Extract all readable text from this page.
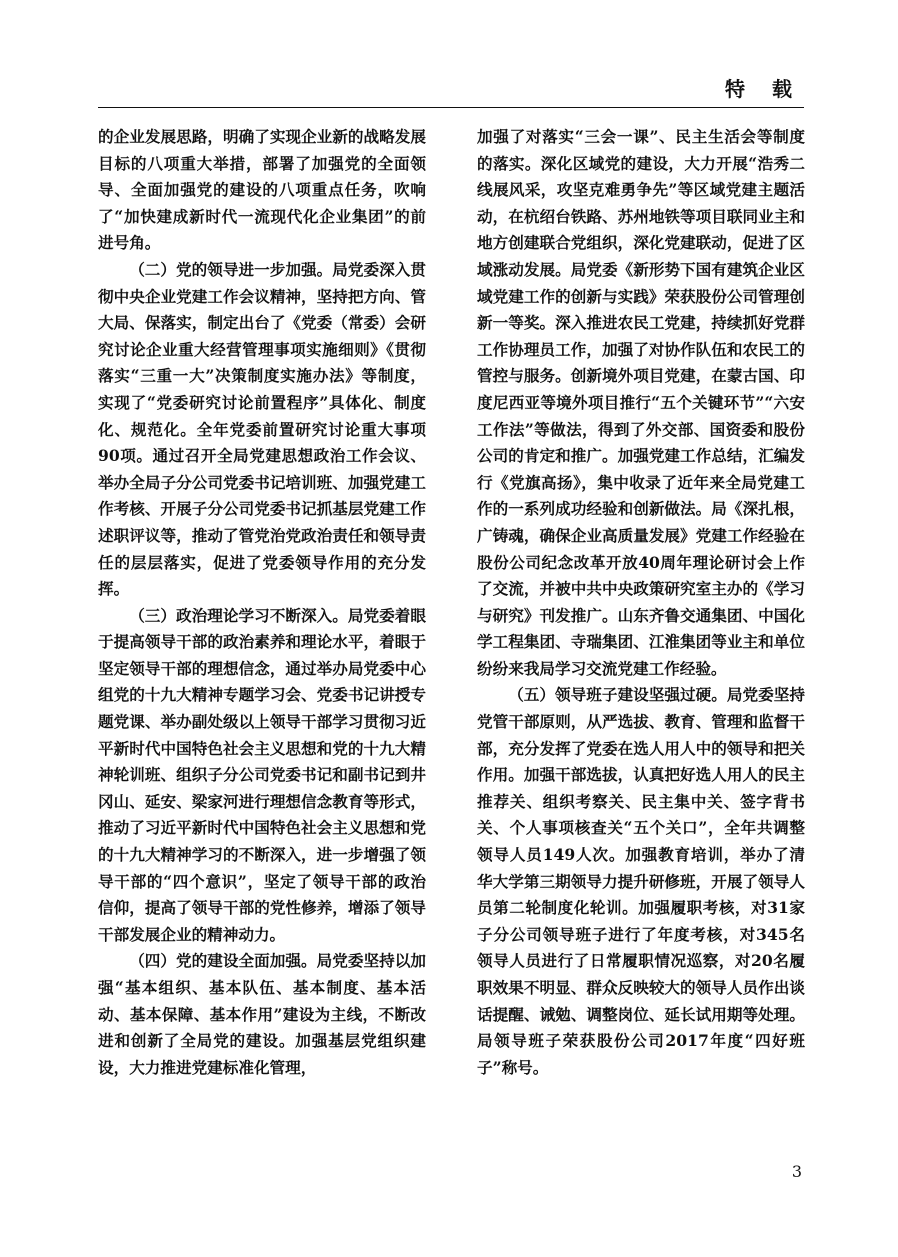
特 载

的企业发展思路，明确了实现企业新的战略发展目标的八项重大举措，部署了加强党的全面领导、全面加强党的建设的八项重点任务，吹响了“加快建成新时代一流现代化企业集团”的前进号角。

（二）党的领导进一步加强。局党委深入贯彻中央企业党建工作会议精神，坚持把方向、管大局、保落实，制定出台了《党委（常委）会研究讨论企业重大经营管理事项实施细则》《贯彻落实“三重一大”决策制度实施办法》等制度，实现了“党委研究讨论前置程序”具体化、制度化、规范化。全年党委前置研究讨论重大事项90项。通过召开全局党建思想政治工作会议、举办全局子分公司党委书记培训班、加强党建工作考核、开展子分公司党委书记抓基层党建工作述职评议等，推动了管党治党政治责任和领导责任的层层落实，促进了党委领导作用的充分发挥。

（三）政治理论学习不断深入。局党委着眼于提高领导干部的政治素养和理论水平，着眼于坚定领导干部的理想信念，通过举办局党委中心组党的十九大精神专题学习会、党委书记讲授专题党课、举办副处级以上领导干部学习贯彻习近平新时代中国特色社会主义思想和党的十九大精神轮训班、组织子分公司党委书记和副书记到井冈山、延安、梁家河进行理想信念教育等形式，推动了习近平新时代中国特色社会主义思想和党的十九大精神学习的不断深入，进一步增强了领导干部的“四个意识”，坚定了领导干部的政治信仰，提高了领导干部的党性修养，增添了领导干部发展企业的精神动力。

（四）党的建设全面加强。局党委坚持以加强“基本组织、基本队伍、基本制度、基本活动、基本保障、基本作用”建设为主线，不断改进和创新了全局党的建设。加强基层党组织建设，大力推进党建标准化管理，

加强了对落实“三会一课”、民主生活会等制度的落实。深化区域党的建设，大力开展“浩秀二线展风采，攻坚克难勇争先”等区域党建主题活动，在杭绍台铁路、苏州地铁等项目联同业主和地方创建联合党组织，深化党建联动，促进了区域涨动发展。局党委《新形势下国有建筑企业区域党建工作的创新与实践》荣获股份公司管理创新一等奖。深入推进农民工党建，持续抓好党群工作协理员工作，加强了对协作队伍和农民工的管控与服务。创新境外项目党建，在蒙古国、印度尼西亚等境外项目推行“五个关键环节”“六安工作法”等做法，得到了外交部、国资委和股份公司的肯定和推广。加强党建工作总结，汇编发行《党旗高扬》，集中收录了近年来全局党建工作的一系列成功经验和创新做法。局《深扎根，广铸魂，确保企业高质量发展》党建工作经验在股份公司纪念改革开放40周年理论研讨会上作了交流，并被中共中央政策研究室主办的《学习与研究》刊发推广。山东齐鲁交通集团、中国化学工程集团、寺瑞集团、江淮集团等业主和单位纷纷来我局学习交流党建工作经验。

（五）领导班子建设坚强过硬。局党委坚持党管干部原则，从严选拔、教育、管理和监督干部，充分发挥了党委在选人用人中的领导和把关作用。加强干部选拔，认真把好选人用人的民主推荐关、组织考察关、民主集中关、签字背书关、个人事项核查关“五个关口”，全年共调整领导人员149人次。加强教育培训，举办了清华大学第三期领导力提升研修班，开展了领导人员第二轮制度化轮训。加强履职考核，对31家子分公司领导班子进行了年度考核，对345名领导人员进行了日常履职情况巡察，对20名履职效果不明显、群众反映较大的领导人员作出谈话提醒、诫勉、调整岗位、延长试用期等处理。局领导班子荣获股份公司2017年度“四好班子”称号。

3
